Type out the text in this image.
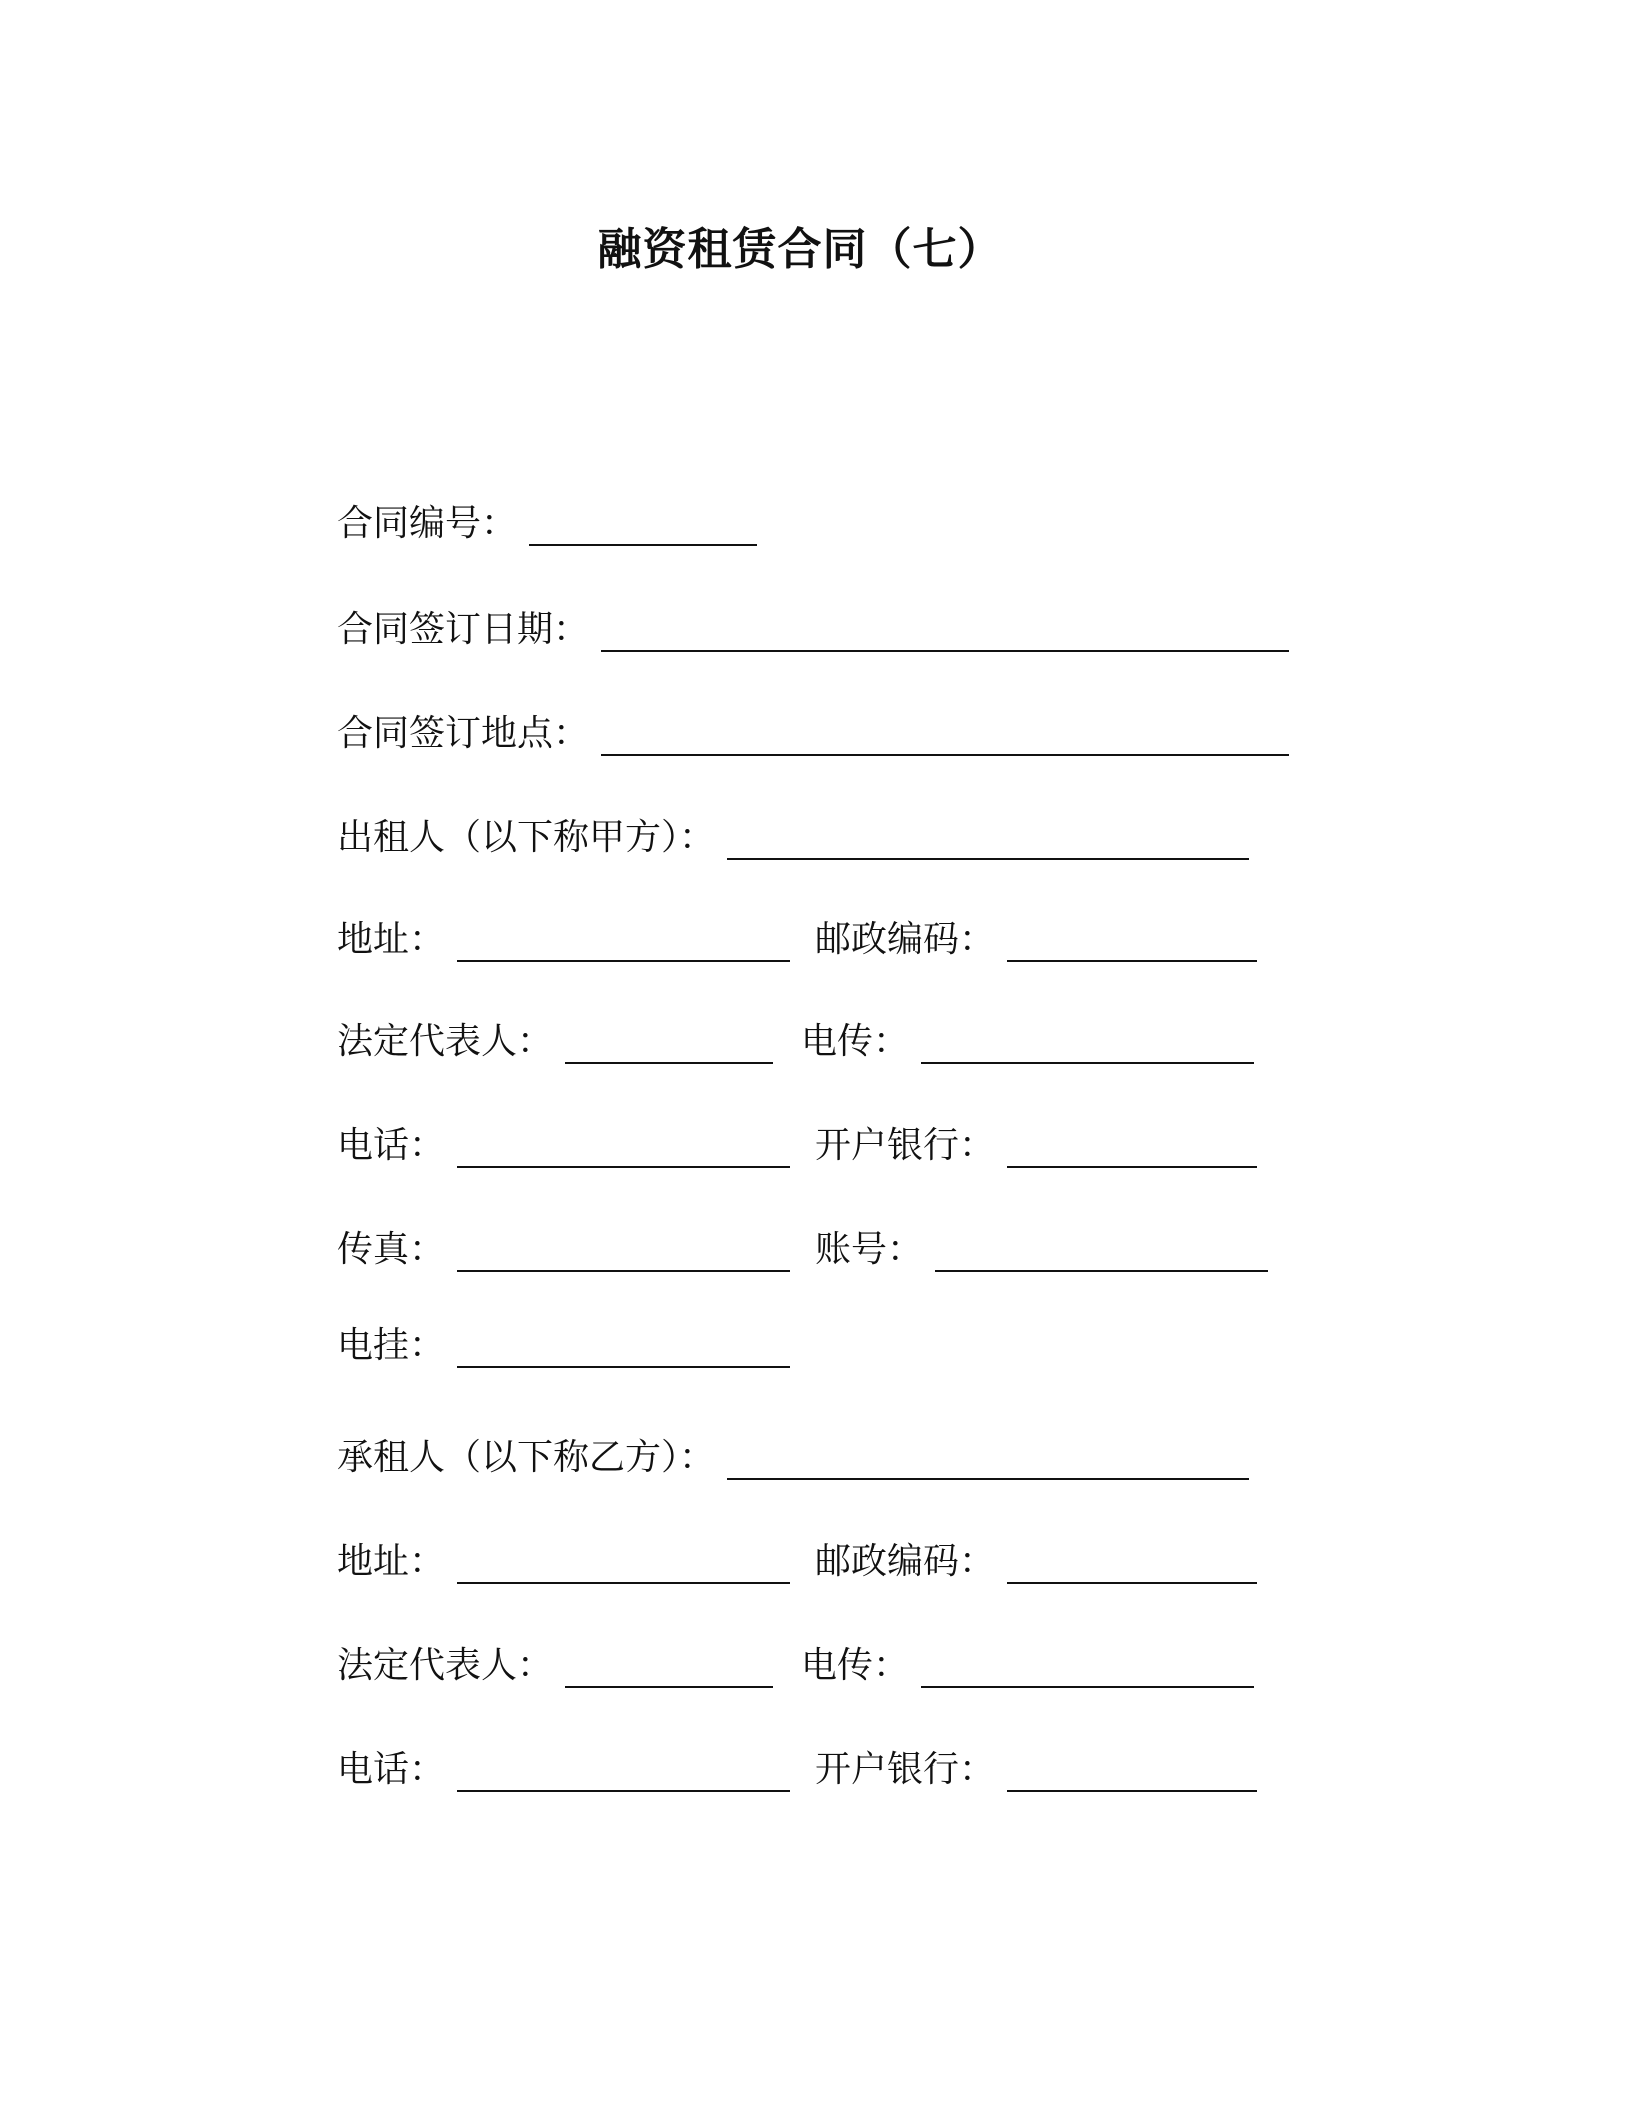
融资租赁合同（七）
合同编号：
合同签订日期：
合同签订地点：
出租人（以下称甲方）：
地址：	邮政编码：
法定代表人：	电传：
电话：	开户银行：
传真：	账号：
电挂：
承租人（以下称乙方）：
地址：	邮政编码：
法定代表人：	电传：
电话：	开户银行：
